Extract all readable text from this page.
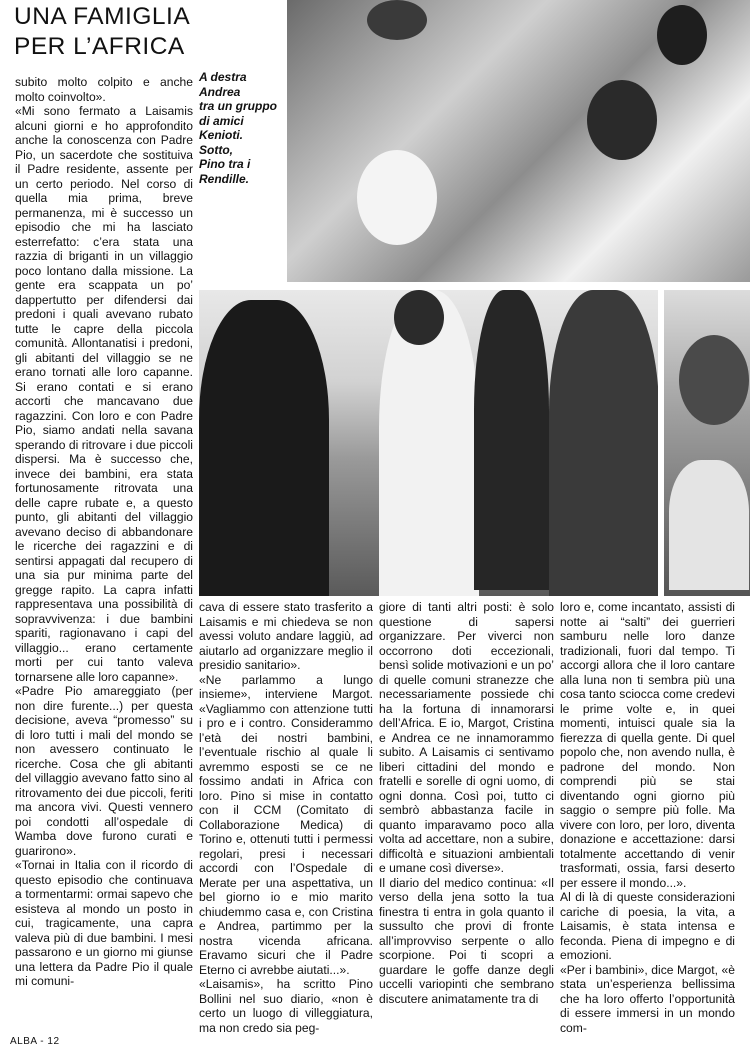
UNA FAMIGLIA
PER L’AFRICA
A destra
Andrea
tra un gruppo
di amici
Kenioti.
Sotto,
Pino tra i
Rendille.

subito molto colpito e anche molto coinvolto».

«Mi sono fermato a Laisamis alcuni giorni e ho approfondito anche la conoscenza con Padre Pio, un sacerdote che sostituiva il Padre residente, assente per un certo periodo. Nel corso di quella mia prima, breve permanenza, mi è successo un episodio che mi ha lasciato esterrefatto: c’era stata una razzia di briganti in un villaggio poco lontano dalla missione. La gente era scappata un po’ dappertutto per difendersi dai predoni i quali avevano rubato tutte le capre della piccola comunità. Allontanatisi i predoni, gli abitanti del villaggio se ne erano tornati alle loro capanne. Si erano contati e si erano accorti che mancavano due ragazzini. Con loro e con Padre Pio, siamo andati nella savana sperando di ritrovare i due piccoli dispersi. Ma è successo che, invece dei bambini, era stata fortunosamente ritrovata una delle capre rubate e, a questo punto, gli abitanti del villaggio avevano deciso di abbandonare le ricerche dei ragazzini e di sentirsi appagati dal recupero di una sia pur minima parte del gregge rapito. La capra infatti rappresentava una possibilità di sopravvivenza: i due bambini spariti, ragionavano i capi del villaggio... erano certamente morti per cui tanto valeva tornarsene alle loro capanne».

«Padre Pio amareggiato (per non dire furente...) per questa decisione, aveva “promesso” su di loro tutti i mali del mondo se non avessero continuato le ricerche. Cosa che gli abitanti del villaggio avevano fatto sino al ritrovamento dei due piccoli, feriti ma ancora vivi. Questi vennero poi condotti all’ospedale di Wamba dove furono curati e guarirono».

«Tornai in Italia con il ricordo di questo episodio che continuava a tormentarmi: ormai sapevo che esisteva al mondo un posto in cui, tragicamente, una capra valeva più di due bambini. I mesi passarono e un giorno mi giunse una lettera da Padre Pio il quale mi comuni-

cava di essere stato trasferito a Laisamis e mi chiedeva se non avessi voluto andare laggiù, ad aiutarlo ad organizzare meglio il presidio sanitario».

«Ne parlammo a lungo insieme», interviene Margot. «Vagliammo con attenzione tutti i pro e i contro. Considerammo l’età dei nostri bambini, l’eventuale rischio al quale li avremmo esposti se ce ne fossimo andati in Africa con loro. Pino si mise in contatto con il CCM (Comitato di Collaborazione Medica) di Torino e, ottenuti tutti i permessi regolari, presi i necessari accordi con l’Ospedale di Merate per una aspettativa, un bel giorno io e mio marito chiudemmo casa e, con Cristina e Andrea, partimmo per la nostra vicenda africana. Eravamo sicuri che il Padre Eterno ci avrebbe aiutati...».

«Laisamis», ha scritto Pino Bollini nel suo diario, «non è certo un luogo di villeggiatura, ma non credo sia peg-

giore di tanti altri posti: è solo questione di sapersi organizzare. Per viverci non occorrono doti eccezionali, bensì solide motivazioni e un po’ di quelle comuni stranezze che necessariamente possiede chi ha la fortuna di innamorarsi dell’Africa. E io, Margot, Cristina e Andrea ce ne innamorammo subito. A Laisamis ci sentivamo liberi cittadini del mondo e fratelli e sorelle di ogni uomo, di ogni donna. Così poi, tutto ci sembrò abbastanza facile in quanto imparavamo poco alla volta ad accettare, non a subire, difficoltà e situazioni ambientali e umane così diverse».

Il diario del medico continua: «Il verso della jena sotto la tua finestra ti entra in gola quanto il sussulto che provi di fronte all’improvviso serpente o allo scorpione. Poi ti scopri a guardare le goffe danze degli uccelli variopinti che sembrano discutere animatamente tra di

loro e, come incantato, assisti di notte ai “salti” dei guerrieri samburu nelle loro danze tradizionali, fuori dal tempo. Ti accorgi allora che il loro cantare alla luna non ti sembra più una cosa tanto sciocca come credevi le prime volte e, in quei momenti, intuisci quale sia la fierezza di quella gente. Di quel popolo che, non avendo nulla, è padrone del mondo. Non comprendi più se stai diventando ogni giorno più saggio o sempre più folle. Ma vivere con loro, per loro, diventa donazione e accettazione: darsi totalmente accettando di venir trasformati, ossia, farsi deserto per essere il mondo...».

Al di là di queste considerazioni cariche di poesia, la vita, a Laisamis, è stata intensa e feconda. Piena di impegno e di emozioni.

«Per i bambini», dice Margot, «è stata un’esperienza bellissima che ha loro offerto l’opportunità di essere immersi in un mondo com-

ALBA - 12
